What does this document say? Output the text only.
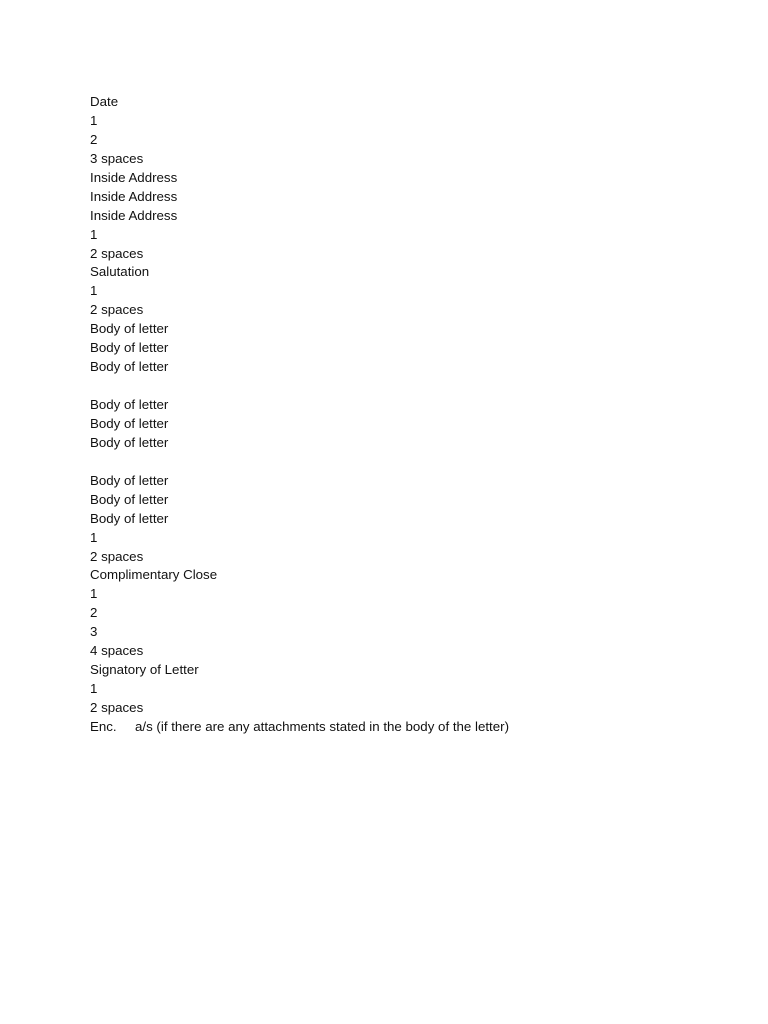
Date
1
2
3 spaces
Inside Address
Inside Address
Inside Address
1
2 spaces
Salutation
1
2 spaces
Body of letter
Body of letter
Body of letter
Body of letter
Body of letter
Body of letter
Body of letter
Body of letter
Body of letter
1
2 spaces
Complimentary Close
1
2
3
4 spaces
Signatory of Letter
1
2 spaces
Enc. a/s (if there are any attachments stated in the body of the letter)
